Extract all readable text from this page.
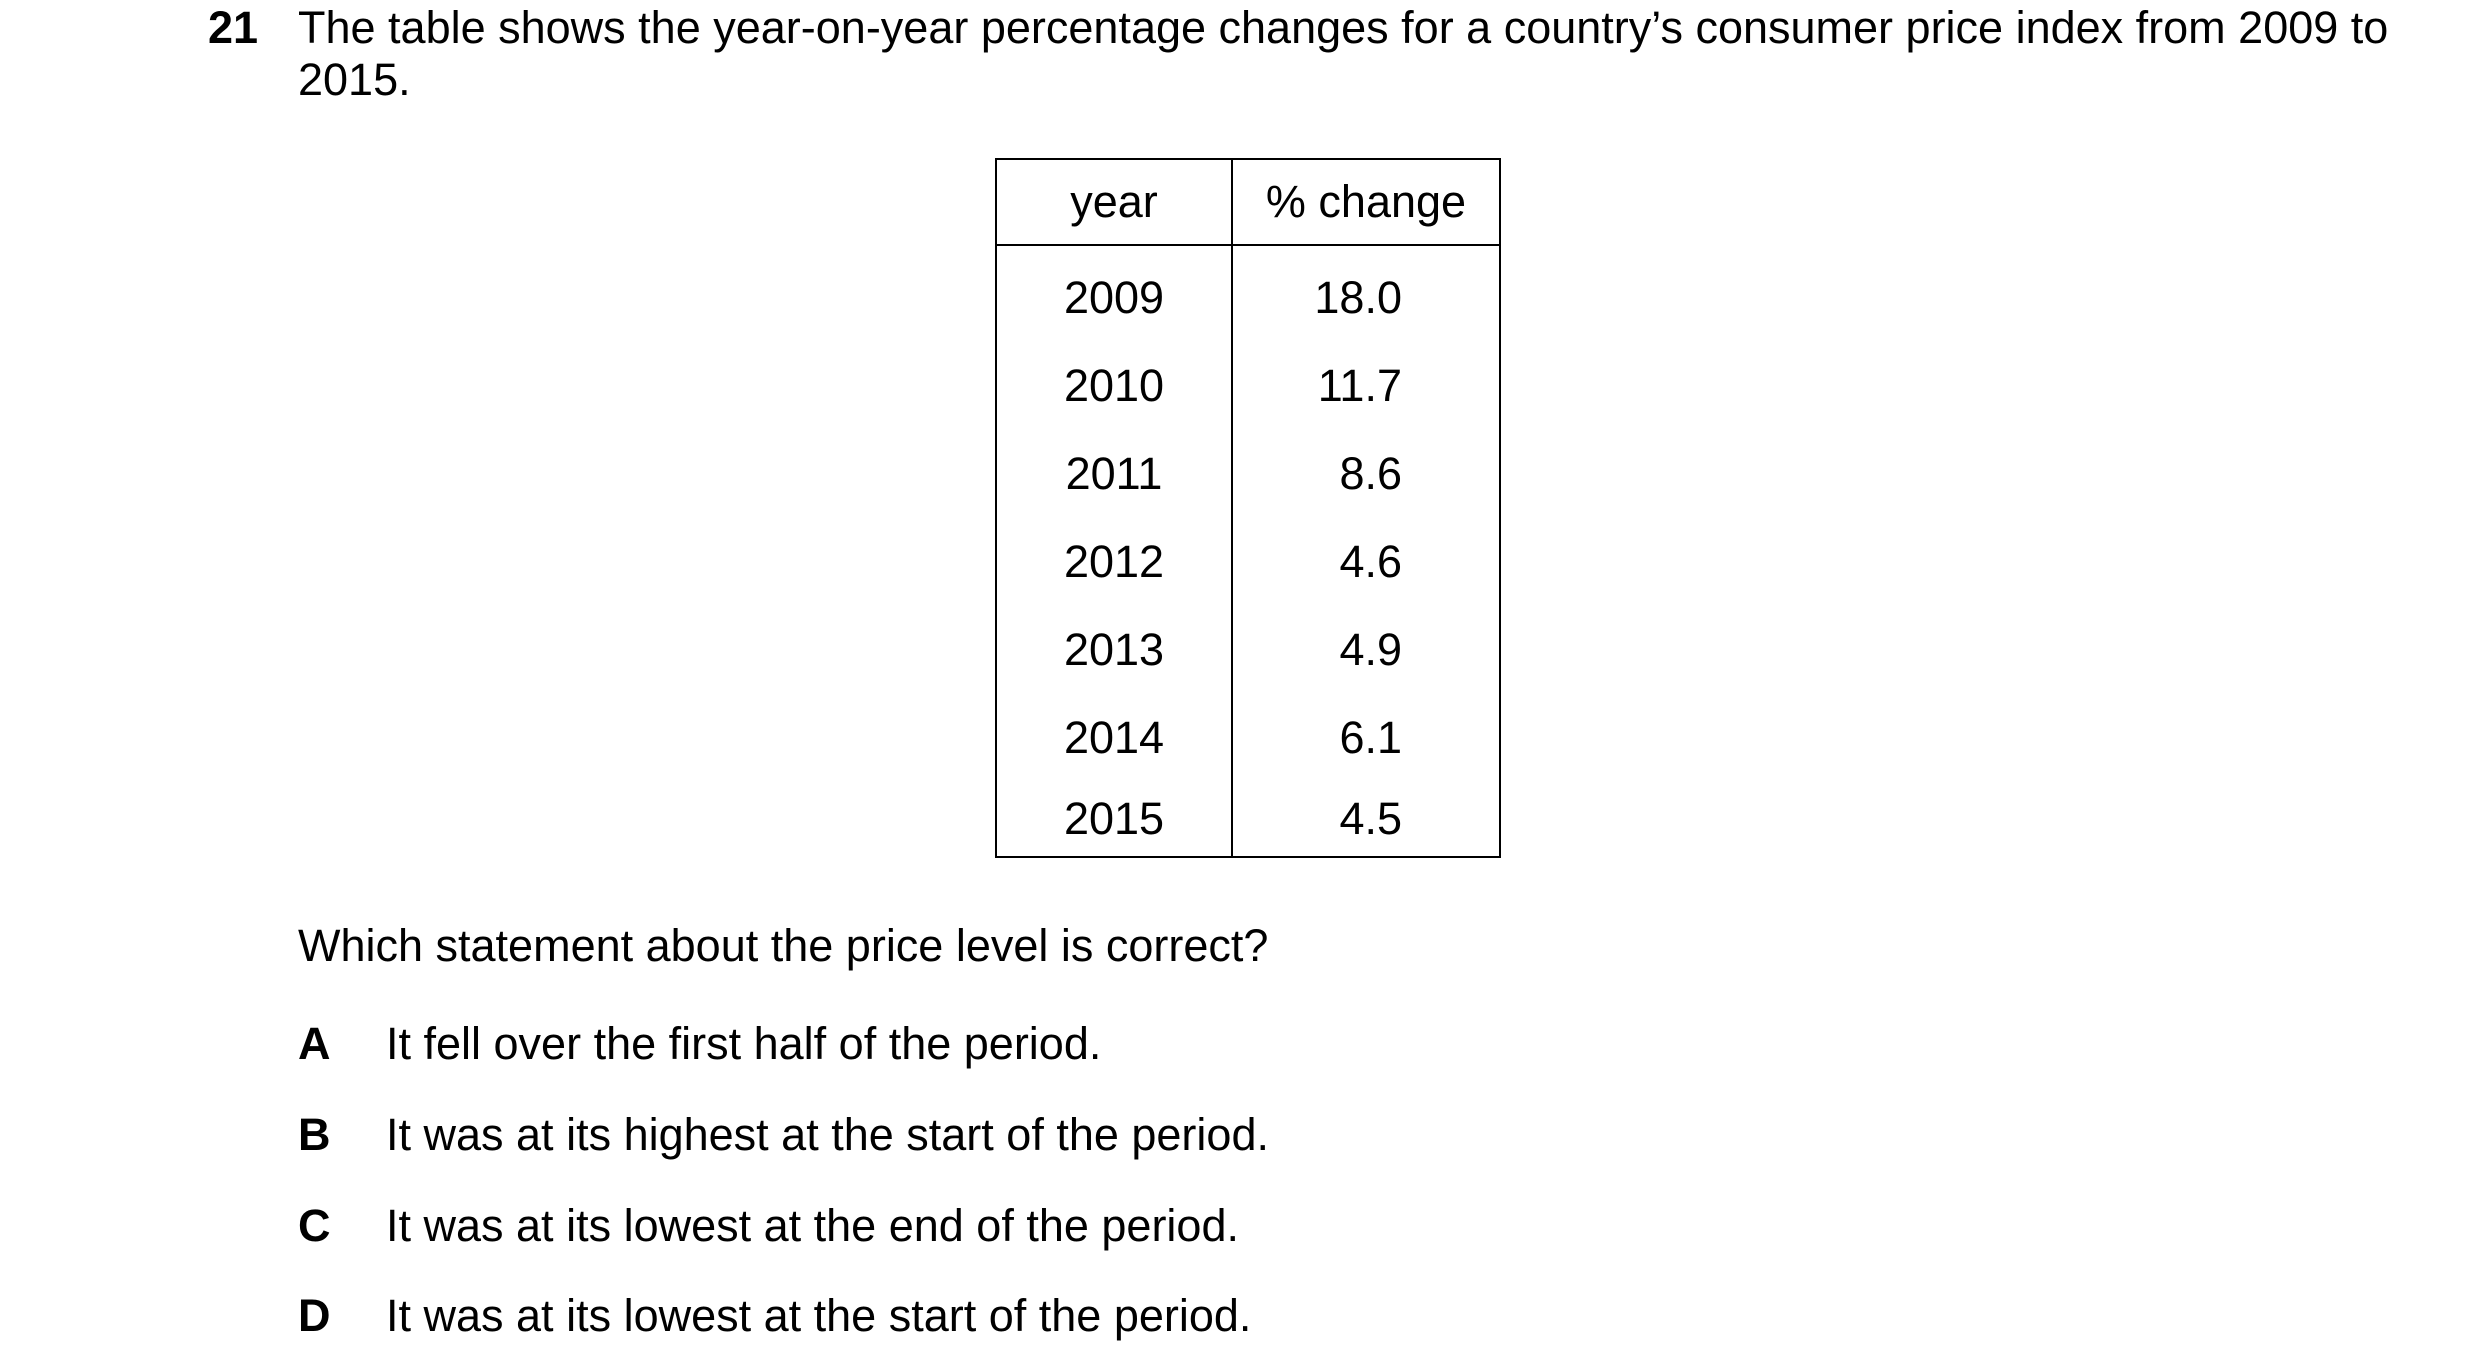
21 The table shows the year-on-year percentage changes for a country’s consumer price index from 2009 to 2015.
year	% change
2009	18.0
2010	11.7
2011	8.6
2012	4.6
2013	4.9
2014	6.1
2015	4.5
Which statement about the price level is correct?
A It fell over the first half of the period.
B It was at its highest at the start of the period.
C It was at its lowest at the end of the period.
D It was at its lowest at the start of the period.
